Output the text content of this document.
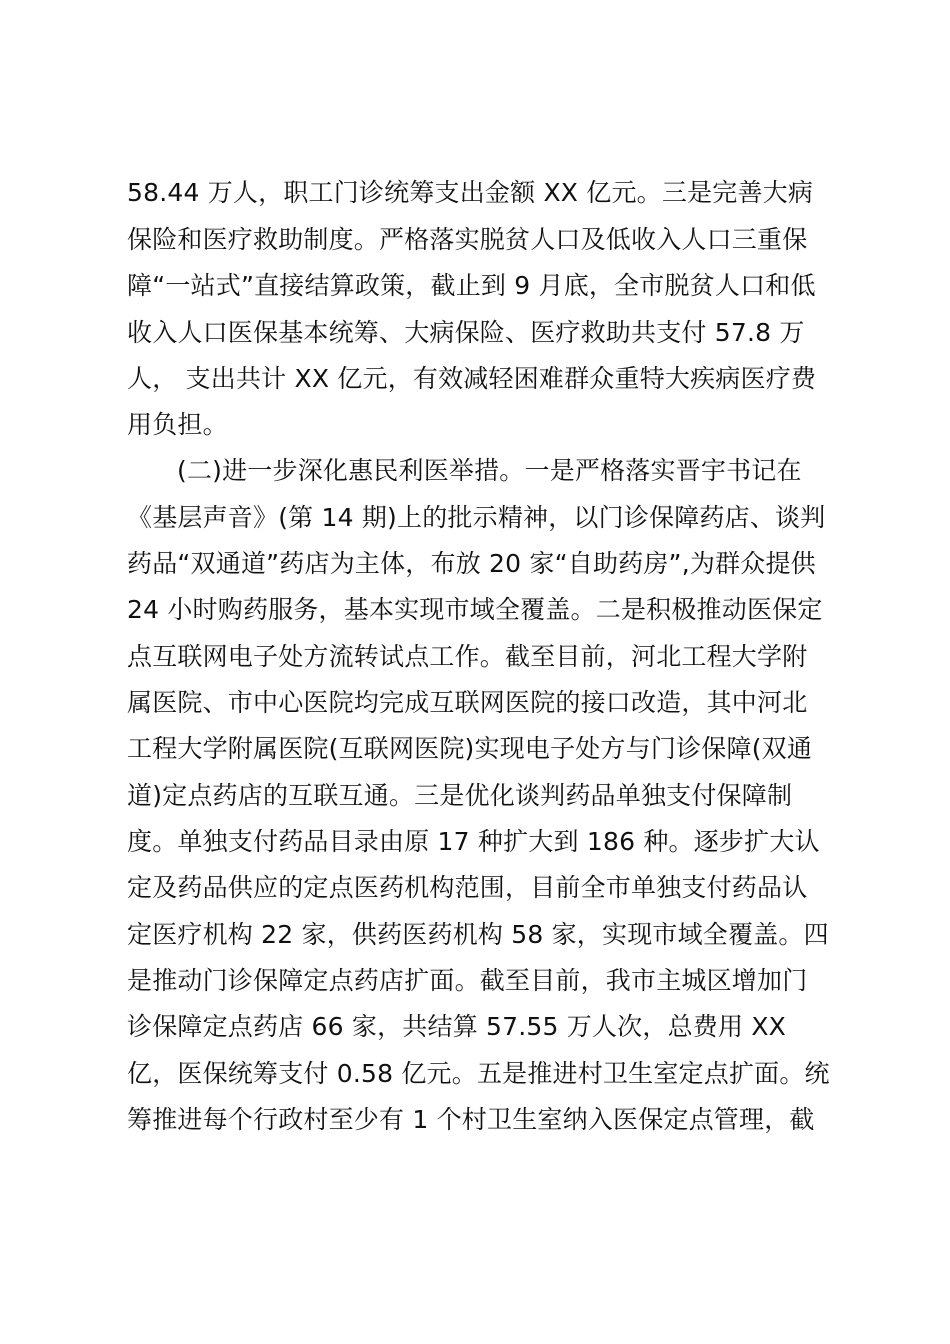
58.44 万人，职工门诊统筹支出金额 XX 亿元。三是完善大病
保险和医疗救助制度。严格落实脱贫人口及低收入人口三重保
障“一站式”直接结算政策，截止到 9 月底，全市脱贫人口和低
收入人口医保基本统筹、大病保险、医疗救助共支付 57.8 万
人， 支出共计 XX 亿元，有效减轻困难群众重特大疾病医疗费
用负担。
(二)进一步深化惠民利医举措。一是严格落实晋宇书记在
《基层声音》(第 14 期)上的批示精神，以门诊保障药店、谈判
药品“双通道”药店为主体，布放 20 家“自助药房”,为群众提供
24 小时购药服务，基本实现市域全覆盖。二是积极推动医保定
点互联网电子处方流转试点工作。截至目前，河北工程大学附
属医院、市中心医院均完成互联网医院的接口改造，其中河北
工程大学附属医院(互联网医院)实现电子处方与门诊保障(双通
道)定点药店的互联互通。三是优化谈判药品单独支付保障制
度。单独支付药品目录由原 17 种扩大到 186 种。逐步扩大认
定及药品供应的定点医药机构范围，目前全市单独支付药品认
定医疗机构 22 家，供药医药机构 58 家，实现市域全覆盖。四
是推动门诊保障定点药店扩面。截至目前，我市主城区增加门
诊保障定点药店 66 家，共结算 57.55 万人次，总费用 XX
亿，医保统筹支付 0.58 亿元。五是推进村卫生室定点扩面。统
筹推进每个行政村至少有 1 个村卫生室纳入医保定点管理，截
